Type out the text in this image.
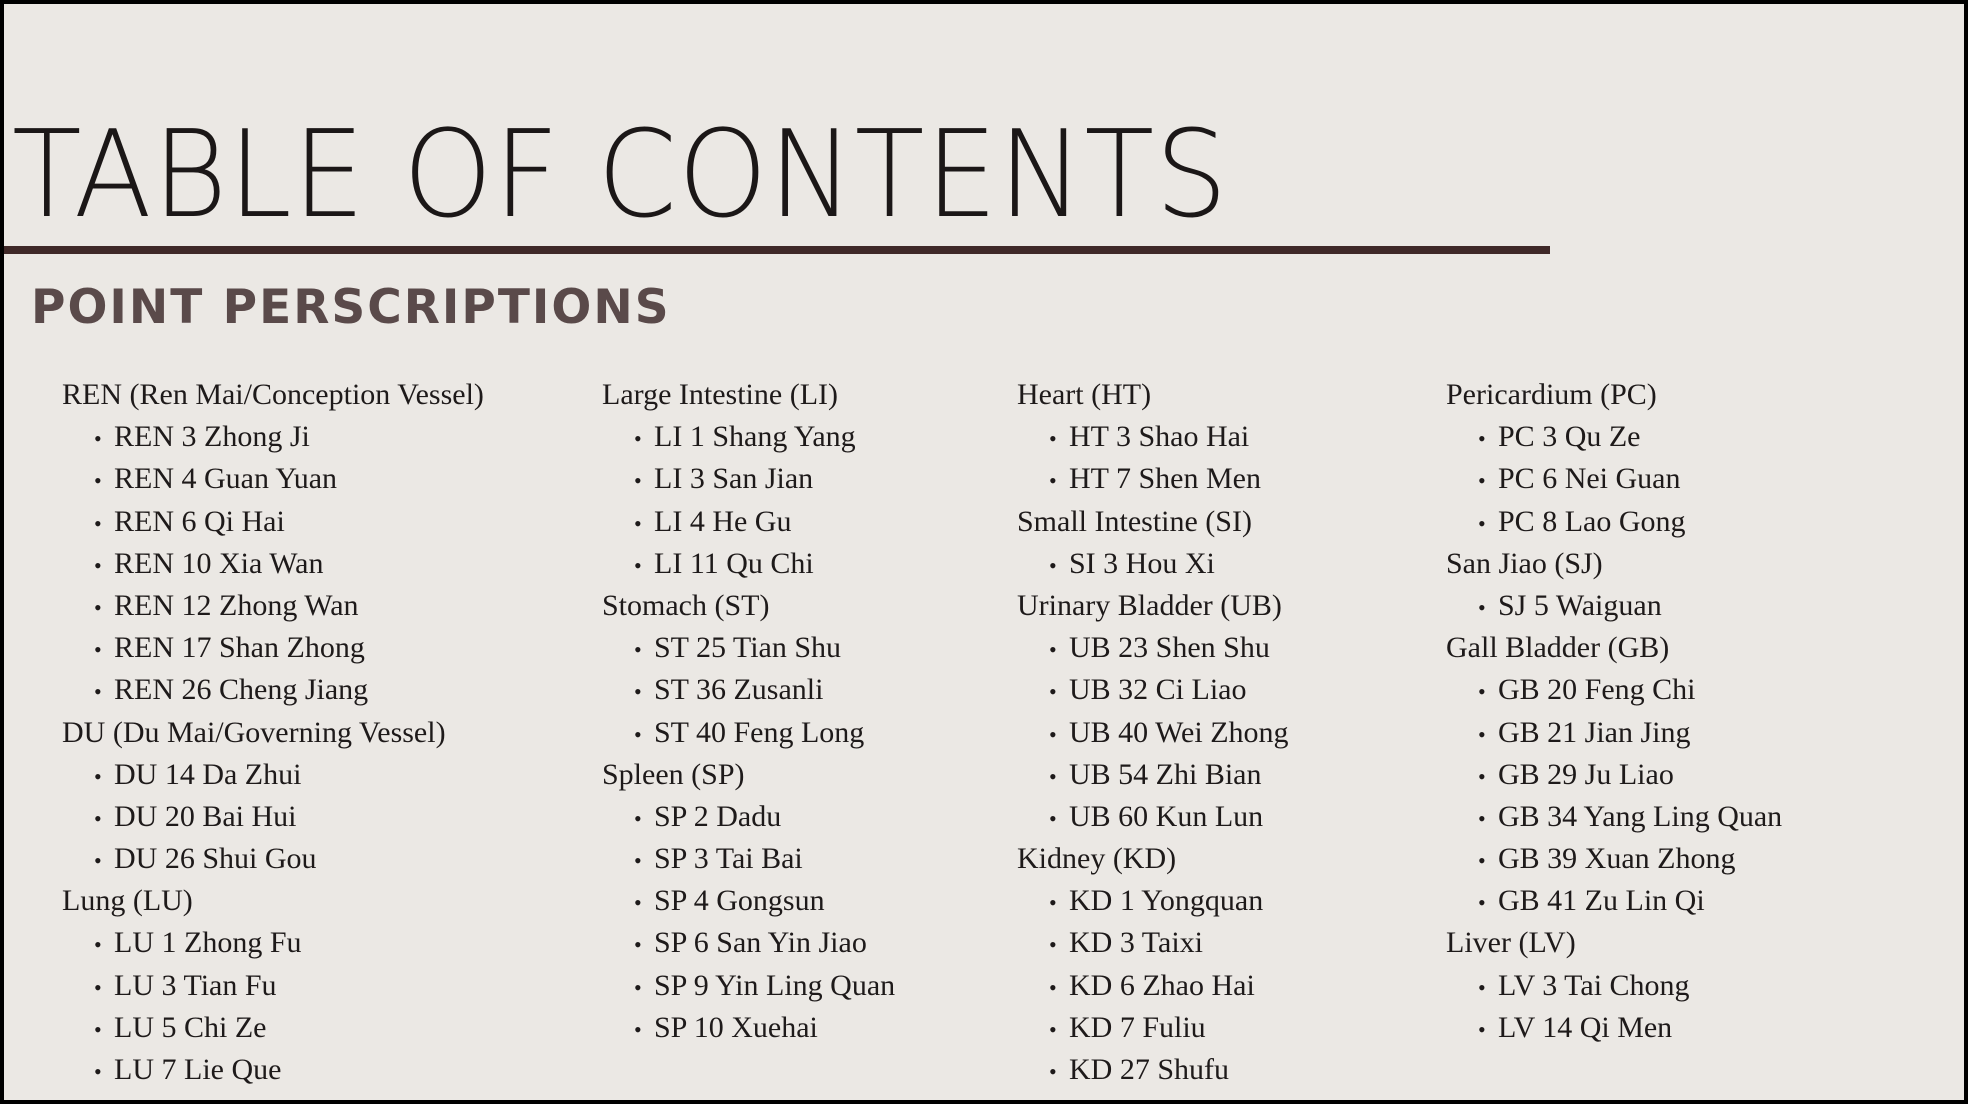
TABLE OF CONTENTS
POINT PERSCRIPTIONS
REN (Ren Mai/Conception Vessel)
• REN 3 Zhong Ji
• REN 4 Guan Yuan
• REN 6 Qi Hai
• REN 10 Xia Wan
• REN 12 Zhong Wan
• REN 17 Shan Zhong
• REN 26 Cheng Jiang
DU (Du Mai/Governing Vessel)
• DU 14 Da Zhui
• DU 20 Bai Hui
• DU 26 Shui Gou
Lung (LU)
• LU 1 Zhong Fu
• LU 3 Tian Fu
• LU 5 Chi Ze
• LU 7 Lie Que
Large Intestine (LI)
• LI 1 Shang Yang
• LI 3 San Jian
• LI 4 He Gu
• LI 11 Qu Chi
Stomach (ST)
• ST 25 Tian Shu
• ST 36 Zusanli
• ST 40 Feng Long
Spleen (SP)
• SP 2 Dadu
• SP 3 Tai Bai
• SP 4 Gongsun
• SP 6 San Yin Jiao
• SP 9 Yin Ling Quan
• SP 10 Xuehai
Heart (HT)
• HT 3 Shao Hai
• HT 7 Shen Men
Small Intestine (SI)
• SI 3 Hou Xi
Urinary Bladder (UB)
• UB 23 Shen Shu
• UB 32 Ci Liao
• UB 40 Wei Zhong
• UB 54 Zhi Bian
• UB 60 Kun Lun
Kidney (KD)
• KD 1 Yongquan
• KD 3 Taixi
• KD 6 Zhao Hai
• KD 7 Fuliu
• KD 27 Shufu
Pericardium (PC)
• PC 3 Qu Ze
• PC 6 Nei Guan
• PC 8 Lao Gong
San Jiao (SJ)
• SJ 5 Waiguan
Gall Bladder (GB)
• GB 20 Feng Chi
• GB 21 Jian Jing
• GB 29 Ju Liao
• GB 34 Yang Ling Quan
• GB 39 Xuan Zhong
• GB 41 Zu Lin Qi
Liver (LV)
• LV 3 Tai Chong
• LV 14 Qi Men
